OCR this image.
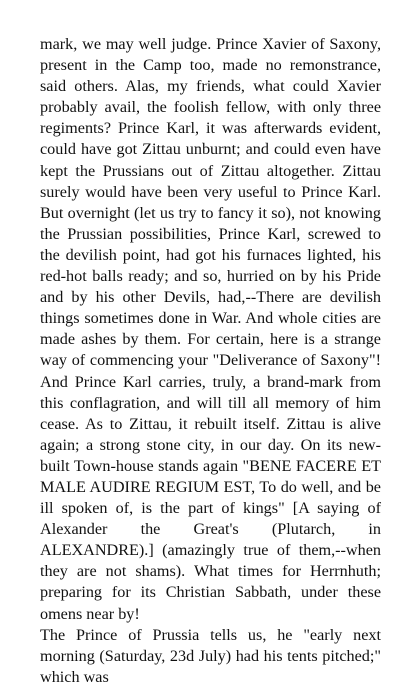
mark, we may well judge. Prince Xavier of Saxony, present in the Camp too, made no remonstrance, said others. Alas, my friends, what could Xavier probably avail, the foolish fellow, with only three regiments? Prince Karl, it was afterwards evident, could have got Zittau unburnt; and could even have kept the Prussians out of Zittau altogether. Zittau surely would have been very useful to Prince Karl. But overnight (let us try to fancy it so), not knowing the Prussian possibilities, Prince Karl, screwed to the devilish point, had got his furnaces lighted, his red-hot balls ready; and so, hurried on by his Pride and by his other Devils, had,--There are devilish things sometimes done in War. And whole cities are made ashes by them. For certain, here is a strange way of commencing your "Deliverance of Saxony"! And Prince Karl carries, truly, a brand-mark from this conflagration, and will till all memory of him cease. As to Zittau, it rebuilt itself. Zittau is alive again; a strong stone city, in our day. On its new-built Town-house stands again "BENE FACERE ET MALE AUDIRE REGIUM EST, To do well, and be ill spoken of, is the part of kings" [A saying of Alexander the Great's (Plutarch, in ALEXANDRE).] (amazingly true of them,--when they are not shams). What times for Herrnhuth; preparing for its Christian Sabbath, under these omens near by!

The Prince of Prussia tells us, he "early next morning (Saturday, 23d July) had his tents pitched;" which was
